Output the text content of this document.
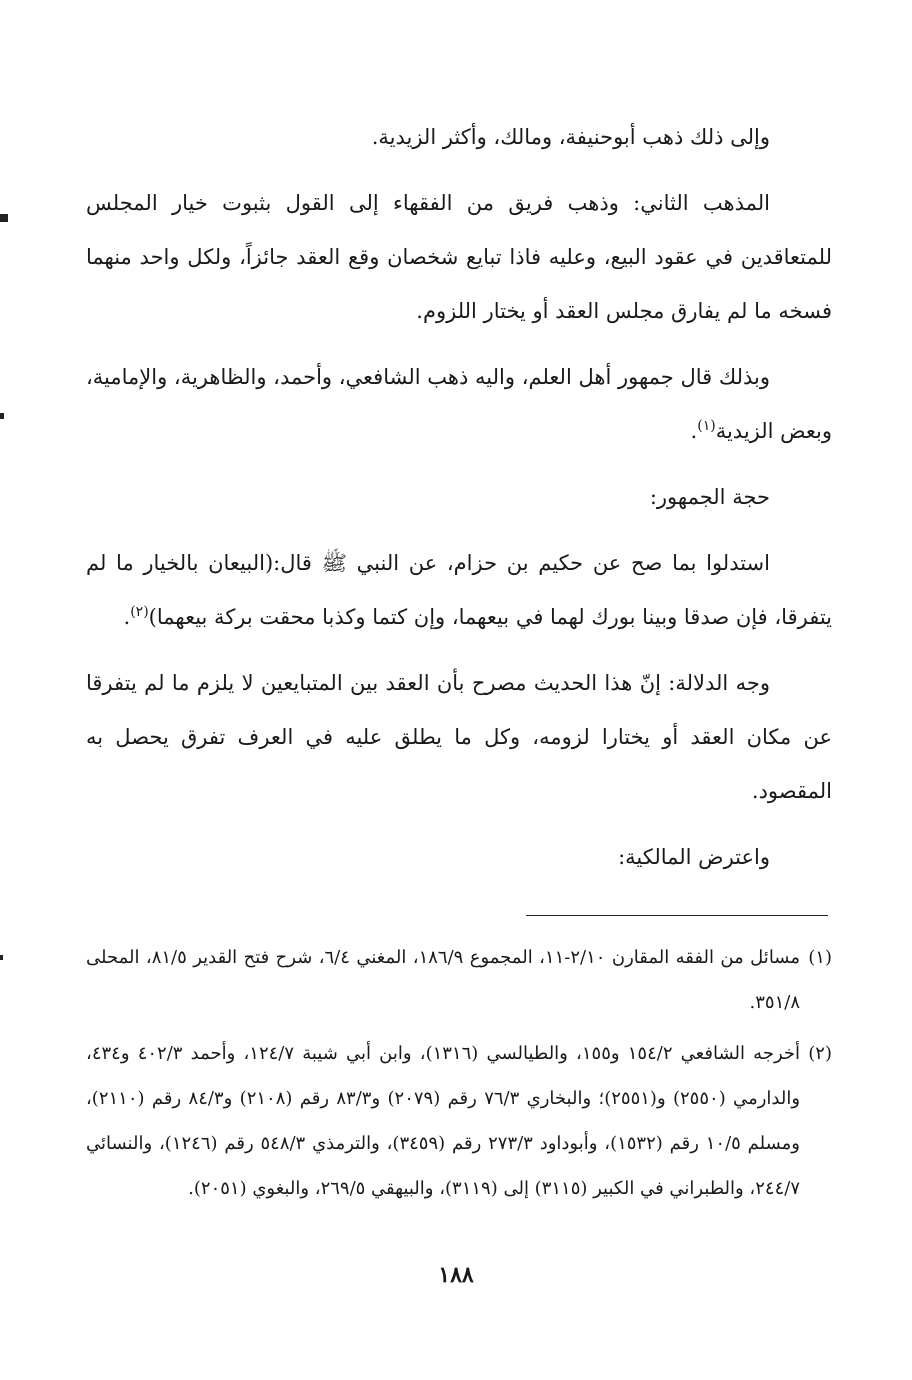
وإلى ذلك ذهب أبوحنيفة، ومالك، وأكثر الزيدية.

المذهب الثاني: وذهب فريق من الفقهاء إلى القول بثبوت خيار المجلس للمتعاقدين في عقود البيع، وعليه فاذا تبايع شخصان وقع العقد جائزاً، ولكل واحد منهما فسخه ما لم يفارق مجلس العقد أو يختار اللزوم.

وبذلك قال جمهور أهل العلم، واليه ذهب الشافعي، وأحمد، والظاهرية، والإمامية، وبعض الزيدية$^{(١)}$.

حجة الجمهور:

استدلوا بما صح عن حكيم بن حزام، عن النبي ﷺ قال:(البيعان بالخيار ما لم يتفرقا، فإن صدقا وبينا بورك لهما في بيعهما، وإن كتما وكذبا محقت بركة بيعهما)$^{(٢)}$.

وجه الدلالة: إنّ هذا الحديث مصرح بأن العقد بين المتبايعين لا يلزم ما لم يتفرقا عن مكان العقد أو يختارا لزومه، وكل ما يطلق عليه في العرف تفرق يحصل به المقصود.

واعترض المالكية:

(١)
مسائل من الفقه المقارن ٢/١٠-١١، المجموع ١٨٦/٩، المغني ٦/٤، شرح فتح القدير ٨١/٥، المحلى ٣٥١/٨.

(٢)
أخرجه الشافعي ١٥٤/٢ و١٥٥، والطيالسي (١٣١٦)، وابن أبي شيبة ١٢٤/٧، وأحمد ٤٠٢/٣ و٤٣٤، والدارمي (٢٥٥٠) و(٢٥٥١)؛ والبخاري ٧٦/٣ رقم (٢٠٧٩) و٨٣/٣ رقم (٢١٠٨) و٨٤/٣ رقم (٢١١٠)، ومسلم ١٠/٥ رقم (١٥٣٢)، وأبوداود ٢٧٣/٣ رقم (٣٤٥٩)، والترمذي ٥٤٨/٣ رقم (١٢٤٦)، والنسائي ٢٤٤/٧، والطبراني في الكبير (٣١١٥) إلى (٣١١٩)، والبيهقي ٢٦٩/٥، والبغوي (٢٠٥١).

١٨٨
